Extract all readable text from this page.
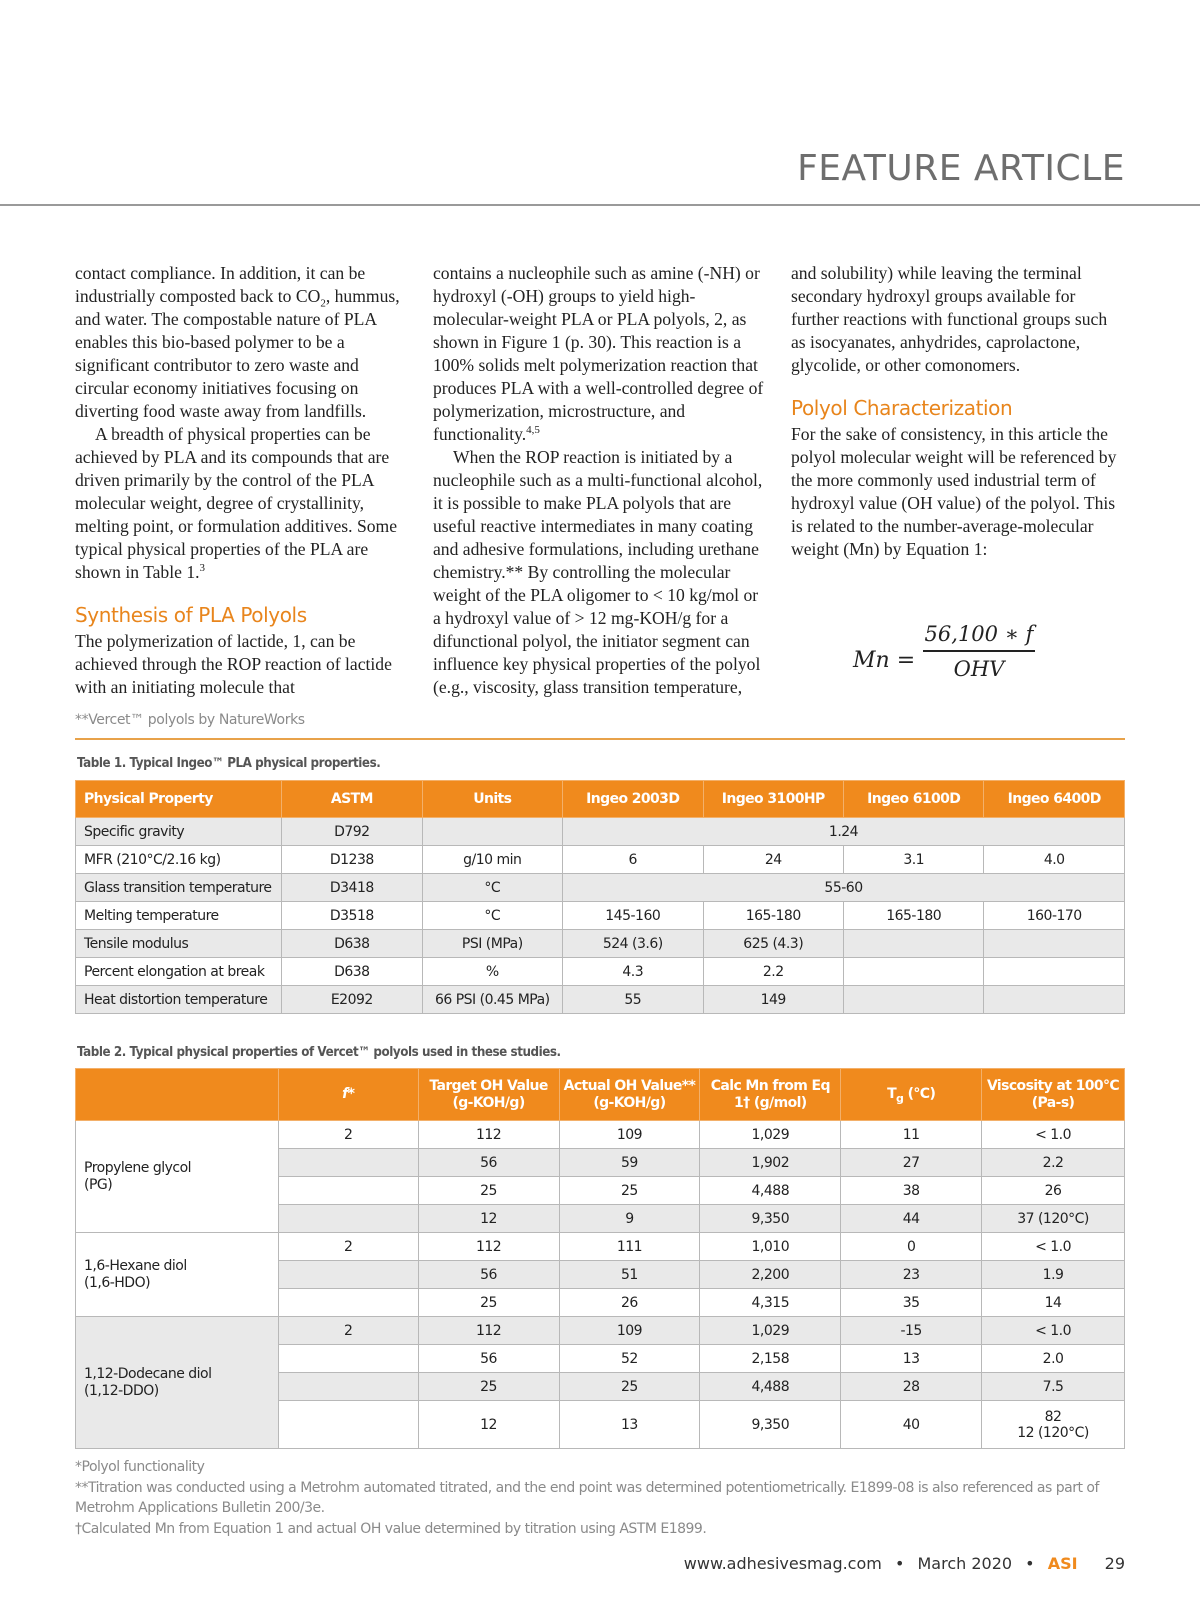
FEATURE ARTICLE

contact compliance. In addition, it can be industrially composted back to $CO_2$, hummus, and water. The compostable nature of PLA enables this bio-based polymer to be a significant contributor to zero waste and circular economy initiatives focusing on diverting food waste away from landfills.

A breadth of physical properties can be achieved by PLA and its compounds that are driven primarily by the control of the PLA molecular weight, degree of crystallinity, melting point, or formulation additives. Some typical physical properties of the PLA are shown in Table 1.$^3$

Synthesis of PLA Polyols

The polymerization of lactide, 1, can be achieved through the ROP reaction of lactide with an initiating molecule that

contains a nucleophile such as amine (-NH) or hydroxyl (-OH) groups to yield high-molecular-weight PLA or PLA polyols, 2, as shown in Figure 1 (p. 30). This reaction is a 100% solids melt polymerization reaction that produces PLA with a well-controlled degree of polymerization, microstructure, and functionality.$^{4,5}$

When the ROP reaction is initiated by a nucleophile such as a multi-functional alcohol, it is possible to make PLA polyols that are useful reactive intermediates in many coating and adhesive formulations, including urethane chemistry.** By controlling the molecular weight of the PLA oligomer to < 10 kg/mol or a hydroxyl value of > 12 mg-KOH/g for a difunctional polyol, the initiator segment can influence key physical properties of the polyol (e.g., viscosity, glass transition temperature,

and solubility) while leaving the terminal secondary hydroxyl groups available for further reactions with functional groups such as isocyanates, anhydrides, caprolactone, glycolide, or other comonomers.

Polyol Characterization

For the sake of consistency, in this article the polyol molecular weight will be referenced by the more commonly used industrial term of hydroxyl value (OH value) of the polyol. This is related to the number-average-molecular weight (Mn) by Equation 1:

Mn =
56,100 ∗ f
OHV
**Vercet™ polyols by NatureWorks
Table 1. Typical Ingeo™ PLA physical properties.
Physical Property	ASTM	Units	Ingeo 2003D	Ingeo 3100HP	Ingeo 6100D	Ingeo 6400D
Specific gravity	D792		1.24			
MFR (210°C/2.16 kg)	D1238	g/10 min	6	24	3.1	4.0
Glass transition temperature	D3418	°C	55-60			
Melting temperature	D3518	°C	145-160	165-180	165-180	160-170
Tensile modulus	D638	PSI (MPa)	524 (3.6)	625 (4.3)		
Percent elongation at break	D638	%	4.3	2.2		
Heat distortion temperature	E2092	66 PSI (0.45 MPa)	55	149		
Table 2. Typical physical properties of Vercet™ polyols used in these studies.
	f*	Target OH Value (g-KOH/g)	Actual OH Value** (g-KOH/g)	Calc Mn from Eq 1† (g/mol)	$T_g$ (°C)	Viscosity at 100°C (Pa-s)
Propylene glycol
(PG)	2	112	109	1,029	11	< 1.0
		56	59	1,902	27	2.2
		25	25	4,488	38	26
		12	9	9,350	44	37 (120°C)
1,6-Hexane diol
(1,6-HDO)	2	112	111	1,010	0	< 1.0
		56	51	2,200	23	1.9
		25	26	4,315	35	14
1,12-Dodecane diol
(1,12-DDO)	2	112	109	1,029	-15	< 1.0
		56	52	2,158	13	2.0
		25	25	4,488	28	7.5
		12	13	9,350	40	82
12 (120°C)
*Polyol functionality
**Titration was conducted using a Metrohm automated titrated, and the end point was determined potentiometrically. E1899-08 is also referenced as part of Metrohm Applications Bulletin 200/3e.
†Calculated Mn from Equation 1 and actual OH value determined by titration using ASTM E1899.
www.adhesivesmag.com • March 2020 • ASI 29
